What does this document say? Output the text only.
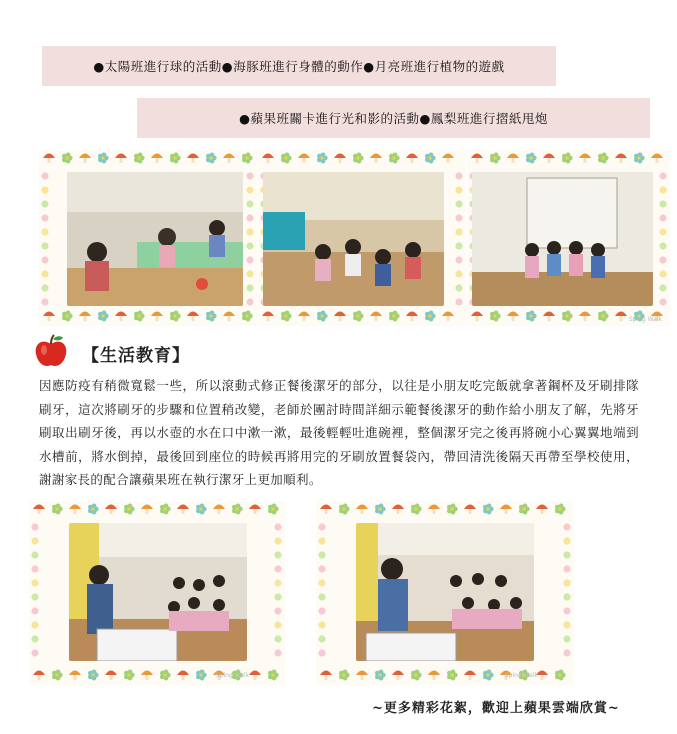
●太陽班進行球的活動●海豚班進行身體的動作●月亮班進行植物的遊戲
●蘋果班關卡進行光和影的活動●鳳梨班進行摺紙甩炮
Sping Walk
【生活教育】
因應防疫有稍微寬鬆一些，所以滾動式修正餐後潔牙的部分，以往是小朋友吃完飯就拿著鋼杯及牙刷排隊刷牙，這次將刷牙的步驟和位置稍改變，老師於團討時間詳細示範餐後潔牙的動作給小朋友了解，先將牙刷取出刷牙後，再以水壺的水在口中漱一漱，最後輕輕吐進碗裡，整個潔牙完之後再將碗小心翼翼地端到水槽前，將水倒掉，最後回到座位的時候再將用完的牙刷放置餐袋內，帶回清洗後隔天再帶至學校使用，謝謝家長的配合讓蘋果班在執行潔牙上更加順利。
Sping Walk	Sping Walk
~更多精彩花絮，歡迎上蘋果雲端欣賞~
